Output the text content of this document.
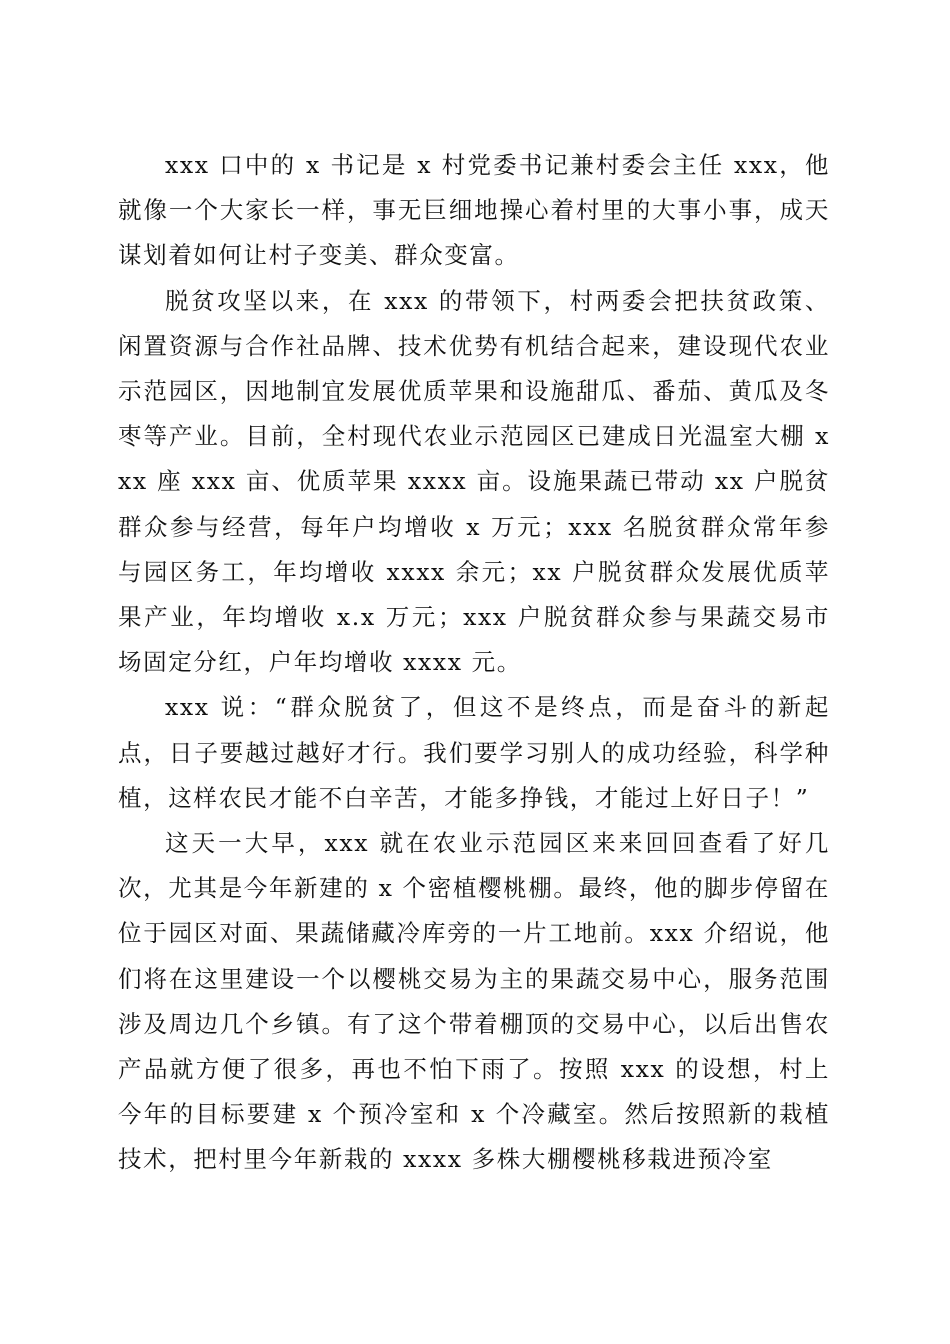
xxx 口中的 x 书记是 x 村党委书记兼村委会主任 xxx，他就像一个大家长一样，事无巨细地操心着村里的大事小事，成天谋划着如何让村子变美、群众变富。

脱贫攻坚以来，在 xxx 的带领下，村两委会把扶贫政策、闲置资源与合作社品牌、技术优势有机结合起来，建设现代农业示范园区，因地制宜发展优质苹果和设施甜瓜、番茄、黄瓜及冬枣等产业。目前，全村现代农业示范园区已建成日光温室大棚 xxx 座 xxx 亩、优质苹果 xxxx 亩。设施果蔬已带动 xx 户脱贫群众参与经营，每年户均增收 x 万元；xxx 名脱贫群众常年参与园区务工，年均增收 xxxx 余元；xx 户脱贫群众发展优质苹果产业，年均增收 x.x 万元；xxx 户脱贫群众参与果蔬交易市场固定分红，户年均增收 xxxx 元。

xxx 说：“群众脱贫了，但这不是终点，而是奋斗的新起点，日子要越过越好才行。我们要学习别人的成功经验，科学种植，这样农民才能不白辛苦，才能多挣钱，才能过上好日子！”

这天一大早，xxx 就在农业示范园区来来回回查看了好几次，尤其是今年新建的 x 个密植樱桃棚。最终，他的脚步停留在位于园区对面、果蔬储藏冷库旁的一片工地前。xxx 介绍说，他们将在这里建设一个以樱桃交易为主的果蔬交易中心，服务范围涉及周边几个乡镇。有了这个带着棚顶的交易中心，以后出售农产品就方便了很多，再也不怕下雨了。按照 xxx 的设想，村上今年的目标要建 x 个预冷室和 x 个冷藏室。然后按照新的栽植技术，把村里今年新栽的 xxxx 多株大棚樱桃移栽进预冷室
